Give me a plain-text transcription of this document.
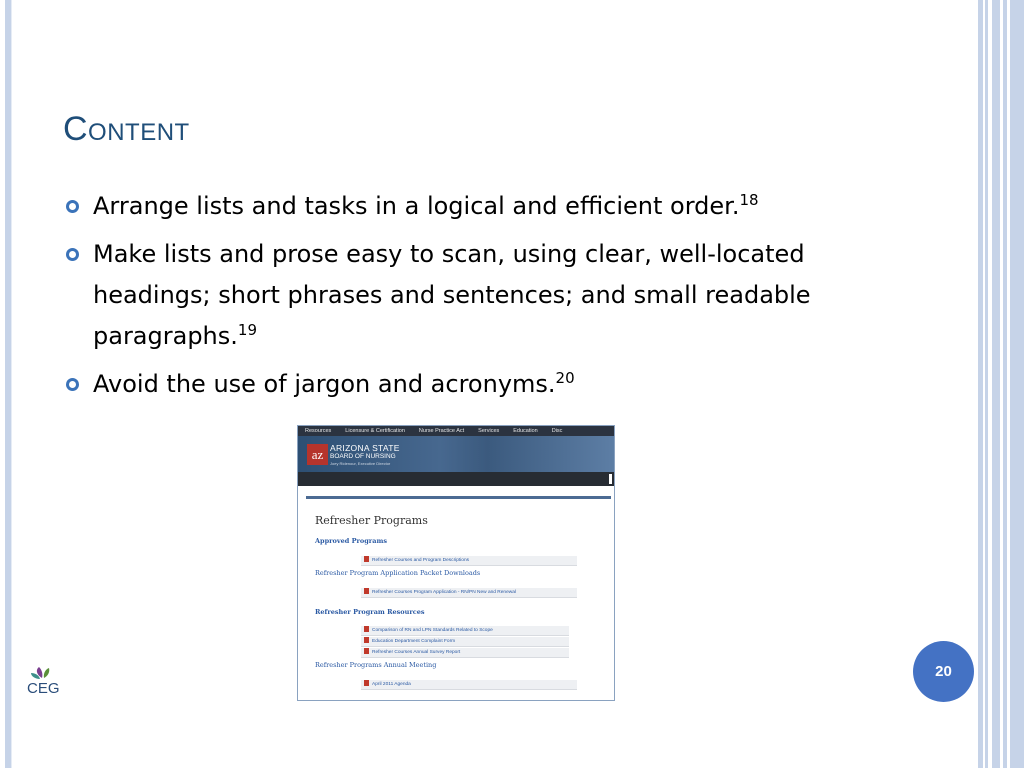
Content
Arrange lists and tasks in a logical and efficient order.$^{18}$
Make lists and prose easy to scan, using clear, well-located headings; short phrases and sentences; and small readable paragraphs.$^{19}$
Avoid the use of jargon and acronyms.$^{20}$
Resources	Licensure & Certification	Nurse Practice Act	Services	Education	Disc
az ARIZONA STATE
BOARD OF NURSING
Joey Ridenour, Executive Director
Refresher Programs
Approved Programs
Refresher Courses and Program Descriptions
Refresher Program Application Packet Downloads
Refresher Courses Program Application - RN/PN New and Renewal
Refresher Program Resources
Comparison of RN and LPN Standards Related to Scope
Education Department Complaint Form
Refresher Courses Annual Survey Report
Refresher Programs Annual Meeting
April 2011 Agenda
CEG
20
